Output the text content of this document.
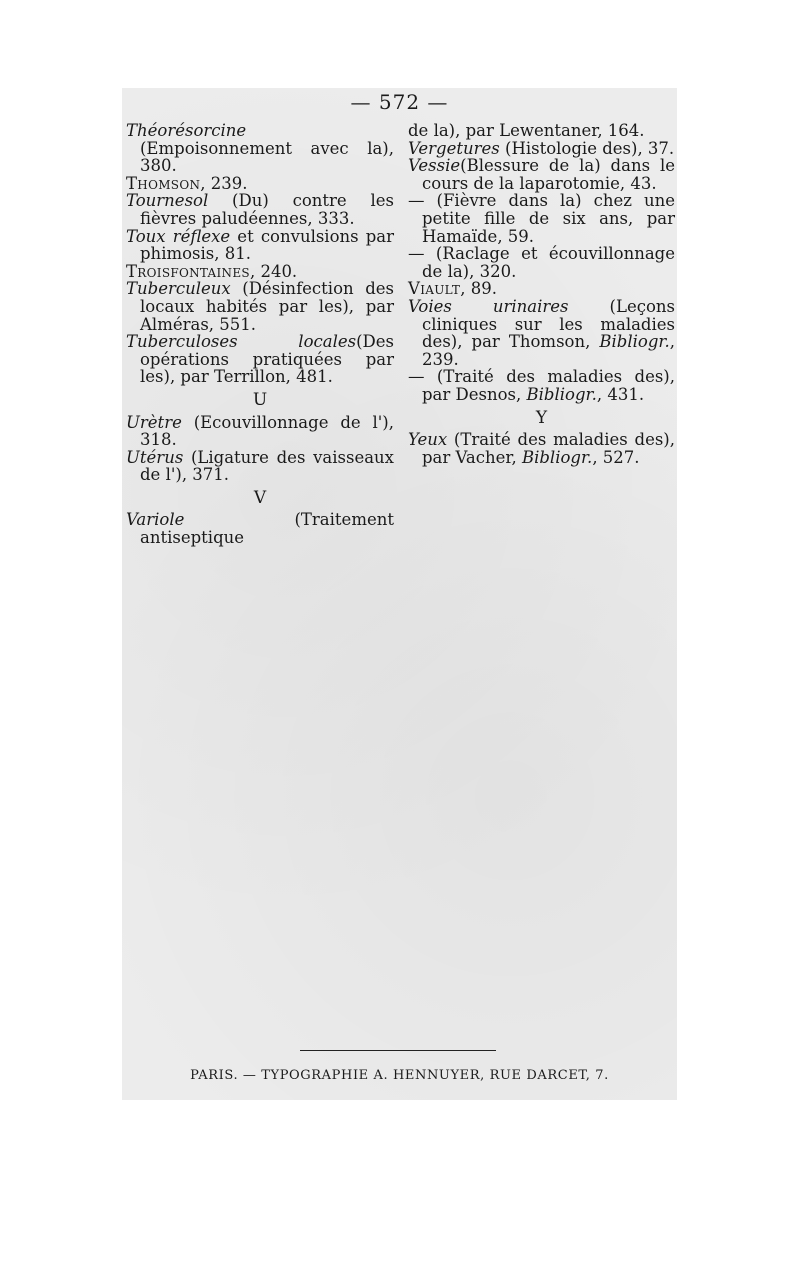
— 572 —

Théorésorcine (Empoisonnement avec la), 380.

Thomson, 239.

Tournesol (Du) contre les fièvres paludéennes, 333.

Toux réflexe et convulsions par phimosis, 81.

Troisfontaines, 240.

Tuberculeux (Désinfection des locaux habités par les), par Alméras, 551.

Tuberculoses locales(Des opérations pratiquées par les), par Terrillon, 481.

U

Urètre (Ecouvillonnage de l'), 318.

Utérus (Ligature des vaisseaux de l'), 371.

V

Variole (Traitement antiseptique

de la), par Lewentaner, 164.

Vergetures (Histologie des), 37.

Vessie(Blessure de la) dans le cours de la laparotomie, 43.

— (Fièvre dans la) chez une petite fille de six ans, par Hamaïde, 59.

— (Raclage et écouvillonnage de la), 320.

Viault, 89.

Voies urinaires (Leçons cliniques sur les maladies des), par Thomson, Bibliogr., 239.

— (Traité des maladies des), par Desnos, Bibliogr., 431.

Y

Yeux (Traité des maladies des), par Vacher, Bibliogr., 527.

PARIS. — TYPOGRAPHIE A. HENNUYER, RUE DARCET, 7.
